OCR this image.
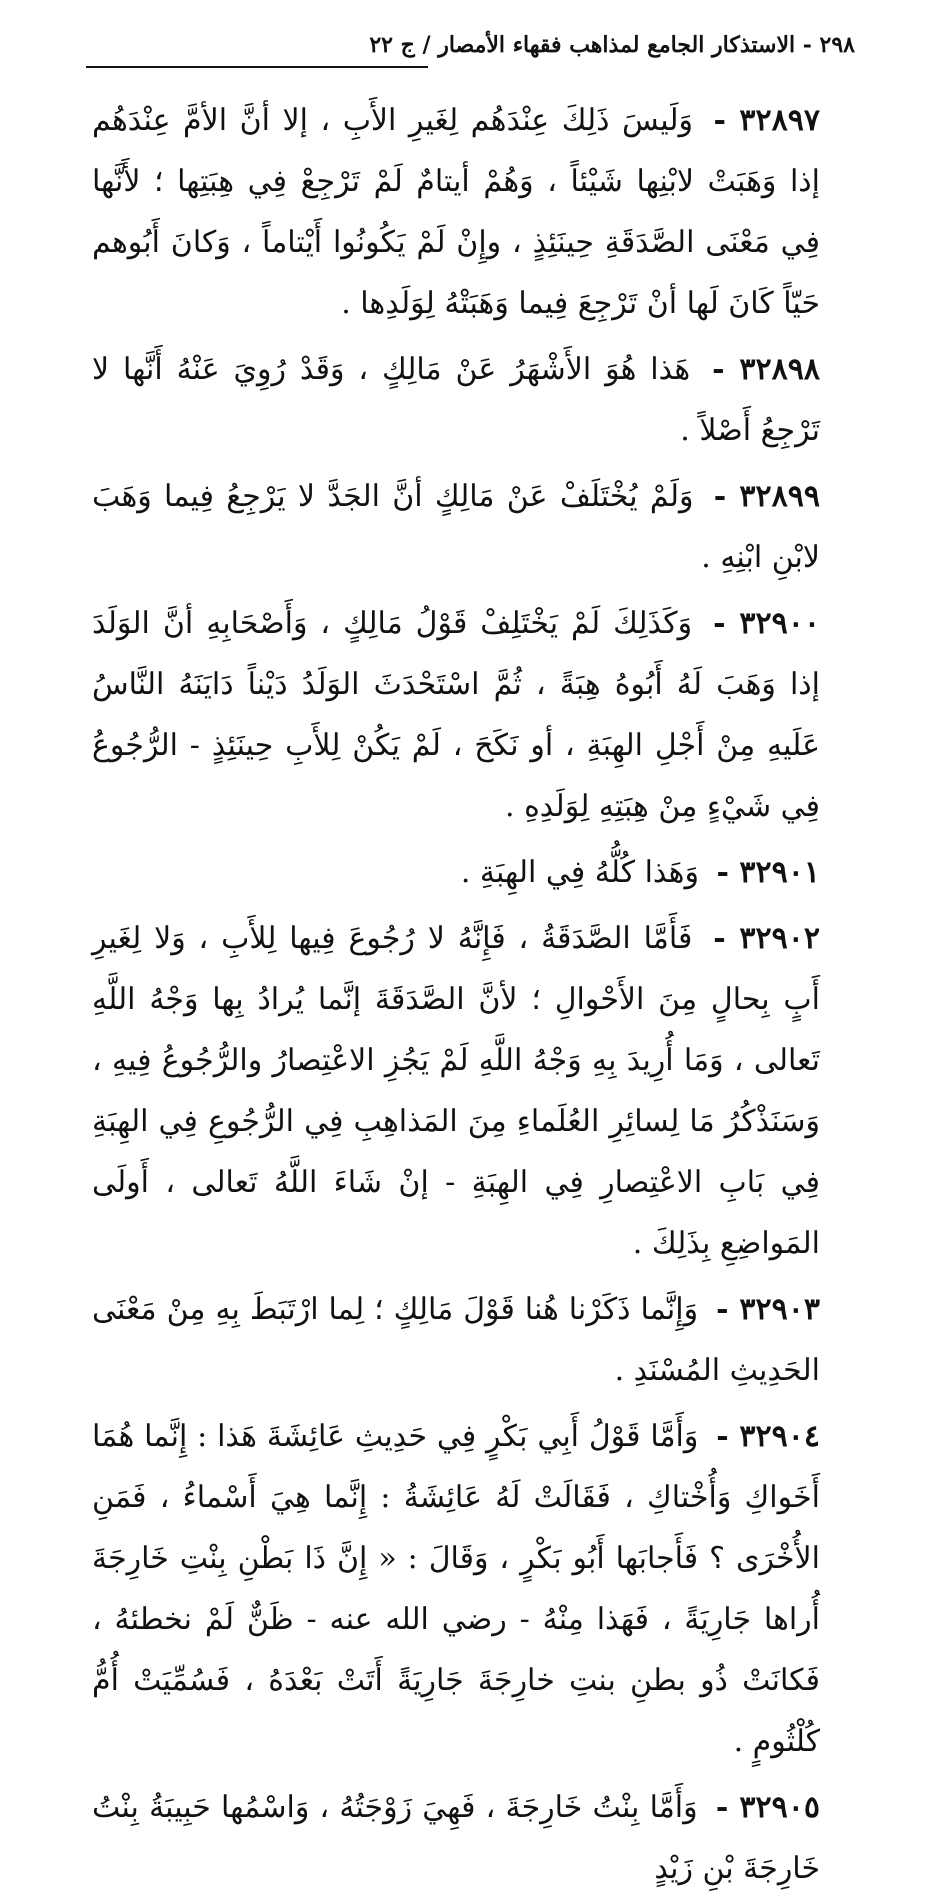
٢٩٨ - الاستذكار الجامع لمذاهب فقهاء الأمصار / ج ٢٢

٣٢٨٩٧ - وَلَيسَ ذَلِكَ عِنْدَهُم لِغَيرِ الأَبِ ، إلا أنَّ الأمَّ عِنْدَهُم إذا وَهَبَتْ لابْنِها شَيْئاً ، وَهُمْ أيتامٌ لَمْ تَرْجِعْ فِي هِبَتِها ؛ لأَنَّها فِي مَعْنَى الصَّدَقَةِ حِينَئِذٍ ، وإِنْ لَمْ يَكُونُوا أَيْتاماً ، وَكانَ أَبُوهم حَيّاً كَانَ لَها أنْ تَرْجِعَ فِيما وَهَبَتْهُ لِوَلَدِها .

٣٢٨٩٨ - هَذا هُوَ الأَشْهَرُ عَنْ مَالِكٍ ، وَقَدْ رُوِيَ عَنْهُ أَنَّها لا تَرْجِعُ أَصْلاً .

٣٢٨٩٩ - وَلَمْ يُخْتَلَفْ عَنْ مَالِكٍ أنَّ الجَدَّ لا يَرْجِعُ فِيما وَهَبَ لابْنِ ابْنِهِ .

٣٢٩٠٠ - وَكَذَلِكَ لَمْ يَخْتَلِفْ قَوْلُ مَالِكٍ ، وَأَصْحَابِهِ أنَّ الوَلَدَ إذا وَهَبَ لَهُ أَبُوهُ هِبَةً ، ثُمَّ اسْتَحْدَثَ الوَلَدُ دَيْناً دَايَنَهُ النَّاسُ عَلَيهِ مِنْ أَجْلِ الهِبَةِ ، أو نَكَحَ ، لَمْ يَكُنْ لِلأَبِ حِينَئِذٍ - الرُّجُوعُ فِي شَيْءٍ مِنْ هِبَتِهِ لِوَلَدِهِ .

٣٢٩٠١ - وَهَذا كُلُّهُ فِي الهِبَةِ .

٣٢٩٠٢ - فَأَمَّا الصَّدَقَةُ ، فَإِنَّهُ لا رُجُوعَ فِيها لِلأَبِ ، وَلا لِغَيرِ أَبٍ بِحالٍ مِنَ الأَحْوالِ ؛ لأنَّ الصَّدَقَةَ إنَّما يُرادُ بِها وَجْهُ اللَّهِ تَعالى ، وَمَا أُرِيدَ بِهِ وَجْهُ اللَّهِ لَمْ يَجُزِ الاعْتِصارُ والرُّجُوعُ فِيهِ ، وَسَنَذْكُرُ مَا لِسائِرِ العُلَماءِ مِنَ المَذاهِبِ فِي الرُّجُوعِ فِي الهِبَةِ فِي بَابِ الاعْتِصارِ فِي الهِبَةِ - إنْ شَاءَ اللَّهُ تَعالى ، أَولَى المَواضِعِ بِذَلِكَ .

٣٢٩٠٣ - وَإِنَّما ذَكَرْنا هُنا قَوْلَ مَالِكٍ ؛ لِما ارْتَبَطَ بِهِ مِنْ مَعْنَى الحَدِيثِ المُسْنَدِ .

٣٢٩٠٤ - وَأَمَّا قَوْلُ أَبِي بَكْرٍ فِي حَدِيثِ عَائِشَةَ هَذا : إِنَّما هُمَا أَخَواكِ وَأُخْتاكِ ، فَقَالَتْ لَهُ عَائِشَةُ : إِنَّما هِيَ أَسْماءُ ، فَمَنِ الأُخْرَى ؟ فَأَجابَها أَبُو بَكْرٍ ، وَقَالَ : « إِنَّ ذَا بَطْنِ بِنْتِ خَارِجَةَ أُراها جَارِيَةً ، فَهَذا مِنْهُ - رضي الله عنه - ظَنٌّ لَمْ نخطئهُ ، فَكانَتْ ذُو بطنِ بنتِ خارِجَةَ جَارِيَةً أَتَتْ بَعْدَهُ ، فَسُمِّيَتْ أُمُّ كُلْثُومٍ .

٣٢٩٠٥ - وَأَمَّا بِنْتُ خَارِجَةَ ، فَهِيَ زَوْجَتُهُ ، وَاسْمُها حَبِيبَةُ بِنْتُ خَارِجَةَ بْنِ زَيْدٍ
